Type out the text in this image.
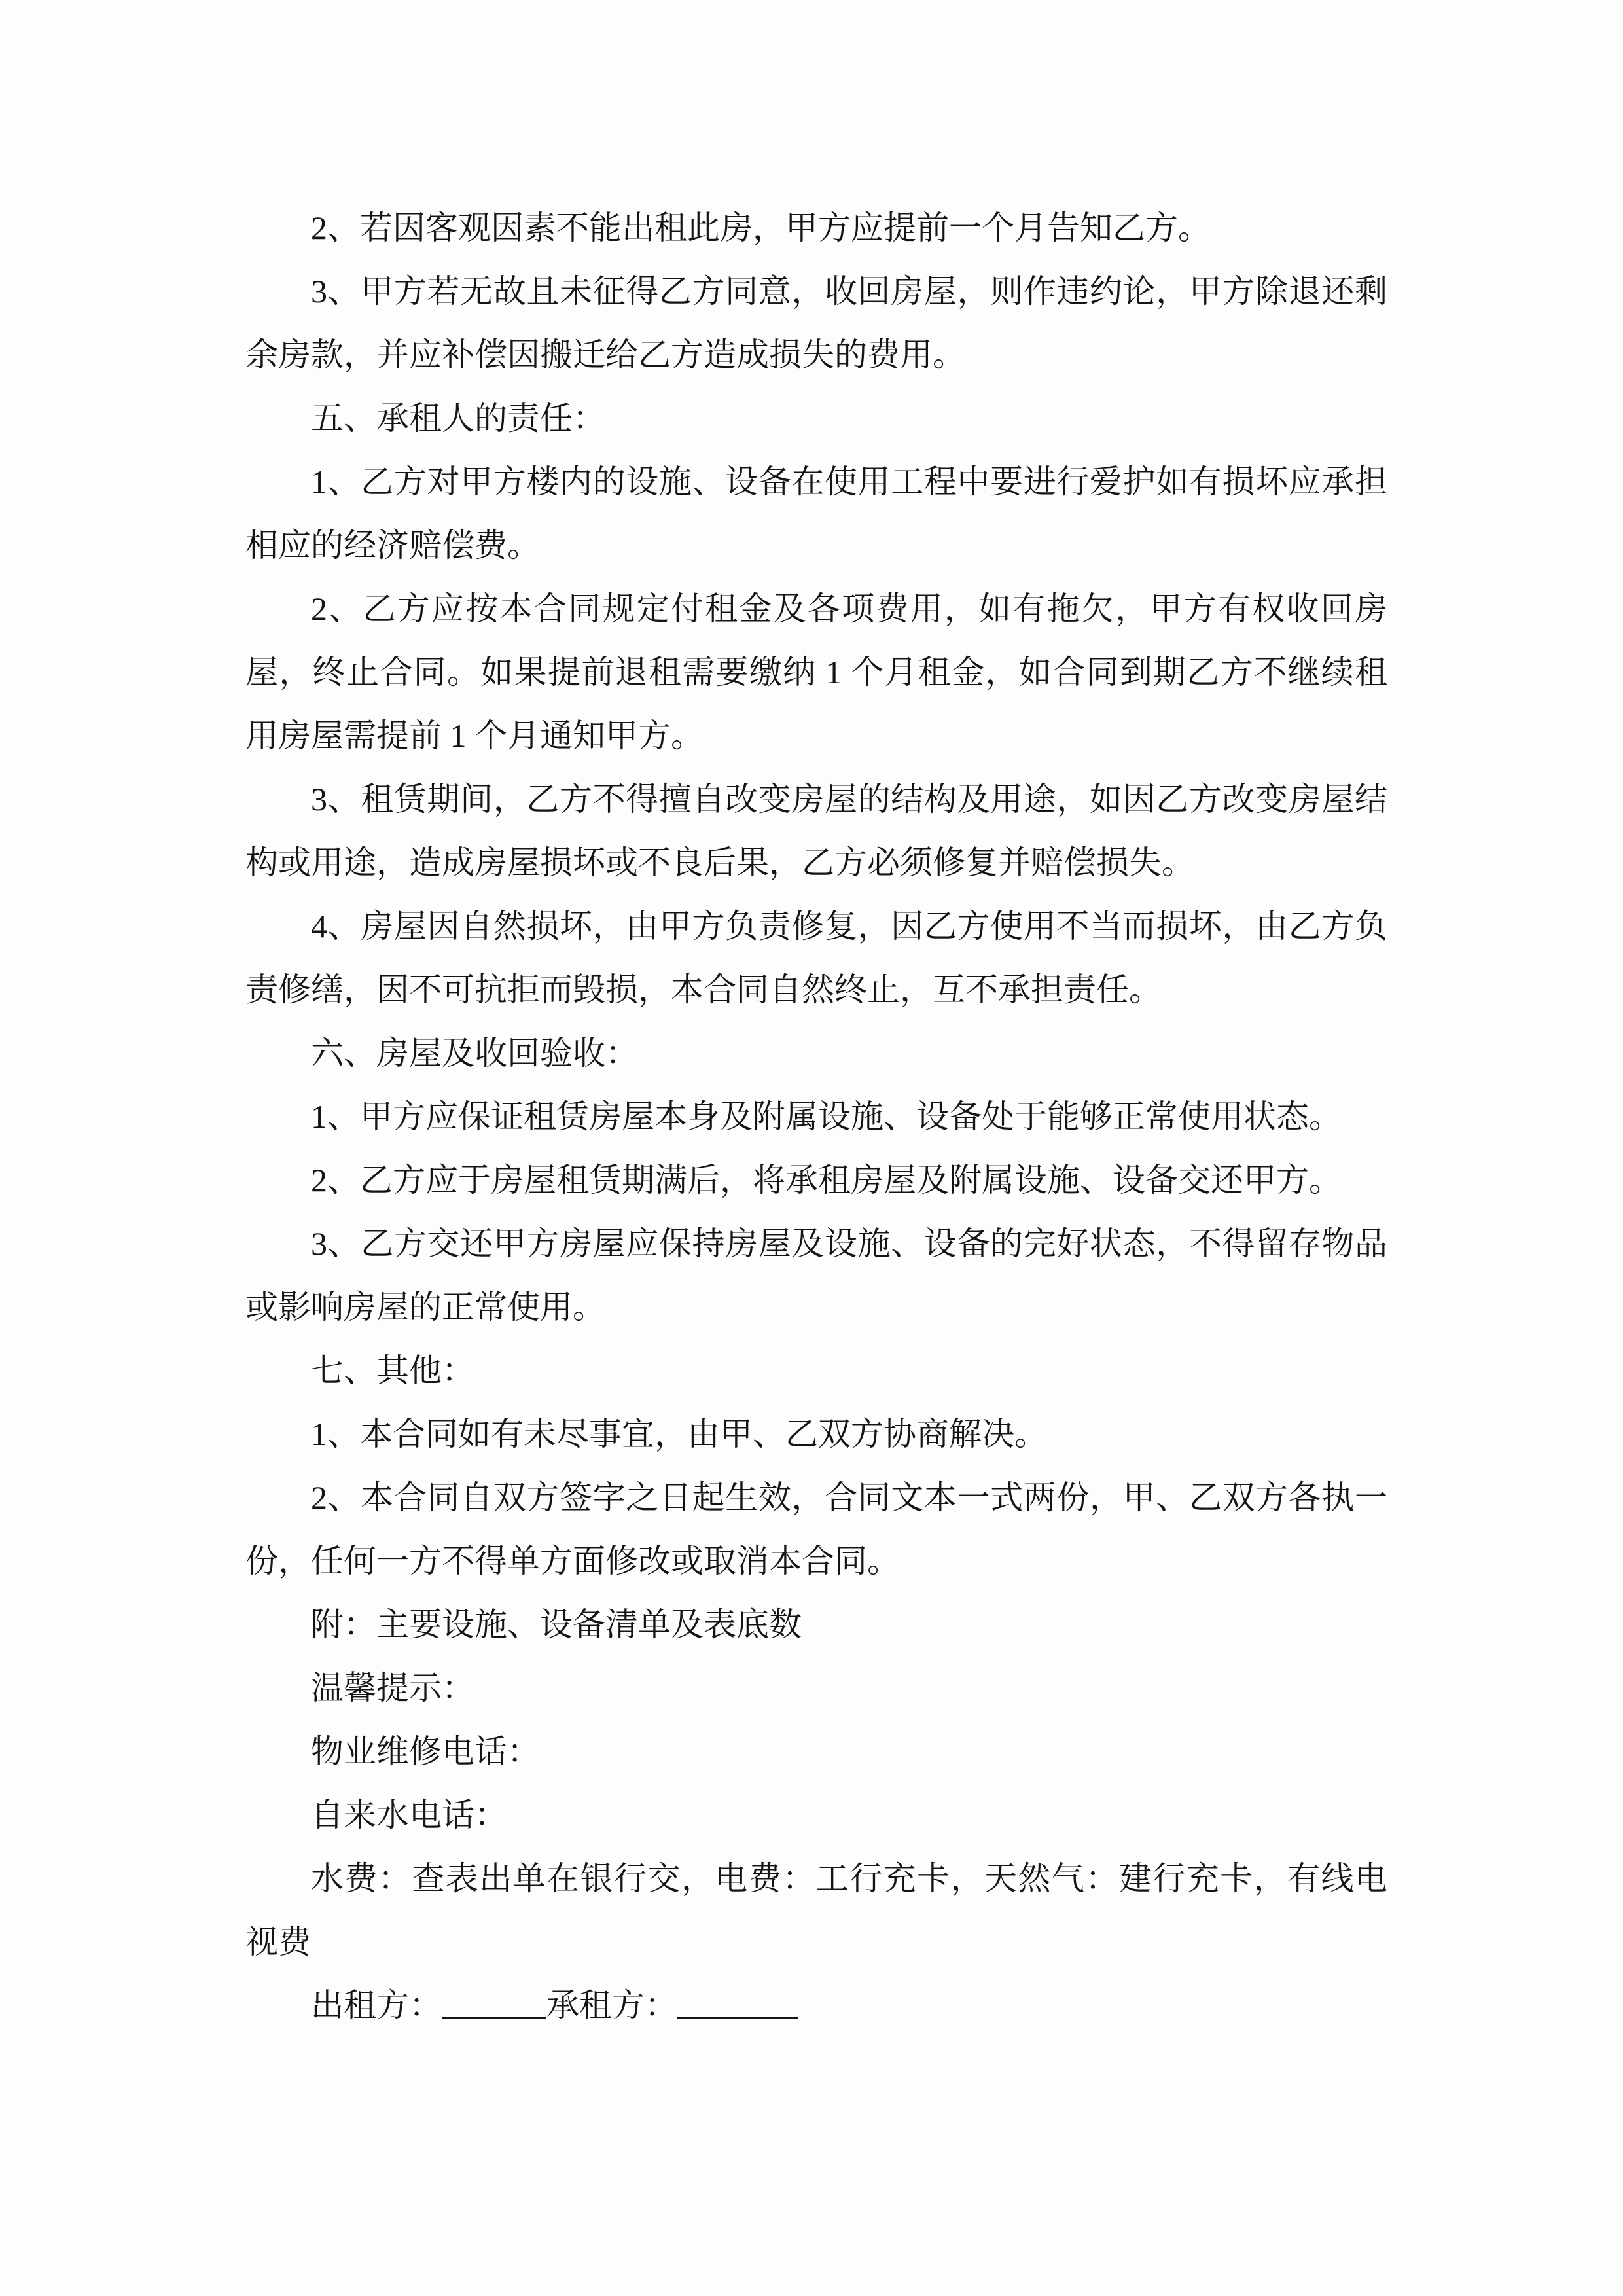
2、若因客观因素不能出租此房，甲方应提前一个月告知乙方。

3、甲方若无故且未征得乙方同意，收回房屋，则作违约论，甲方除退还剩余房款，并应补偿因搬迁给乙方造成损失的费用。

五、承租人的责任：

1、乙方对甲方楼内的设施、设备在使用工程中要进行爱护如有损坏应承担相应的经济赔偿费。

2、乙方应按本合同规定付租金及各项费用，如有拖欠，甲方有权收回房屋，终止合同。如果提前退租需要缴纳 1 个月租金，如合同到期乙方不继续租用房屋需提前 1 个月通知甲方。

3、租赁期间，乙方不得擅自改变房屋的结构及用途，如因乙方改变房屋结构或用途，造成房屋损坏或不良后果，乙方必须修复并赔偿损失。

4、房屋因自然损坏，由甲方负责修复，因乙方使用不当而损坏，由乙方负责修缮，因不可抗拒而毁损，本合同自然终止，互不承担责任。

六、房屋及收回验收：

1、甲方应保证租赁房屋本身及附属设施、设备处于能够正常使用状态。

2、乙方应于房屋租赁期满后，将承租房屋及附属设施、设备交还甲方。

3、乙方交还甲方房屋应保持房屋及设施、设备的完好状态，不得留存物品或影响房屋的正常使用。

七、其他：

1、本合同如有未尽事宜，由甲、乙双方协商解决。

2、本合同自双方签字之日起生效，合同文本一式两份，甲、乙双方各执一份，任何一方不得单方面修改或取消本合同。

附：主要设施、设备清单及表底数

温馨提示：

物业维修电话：

自来水电话：

水费：查表出单在银行交，电费：工行充卡，天然气：建行充卡，有线电视费

出租方：	承租方：
